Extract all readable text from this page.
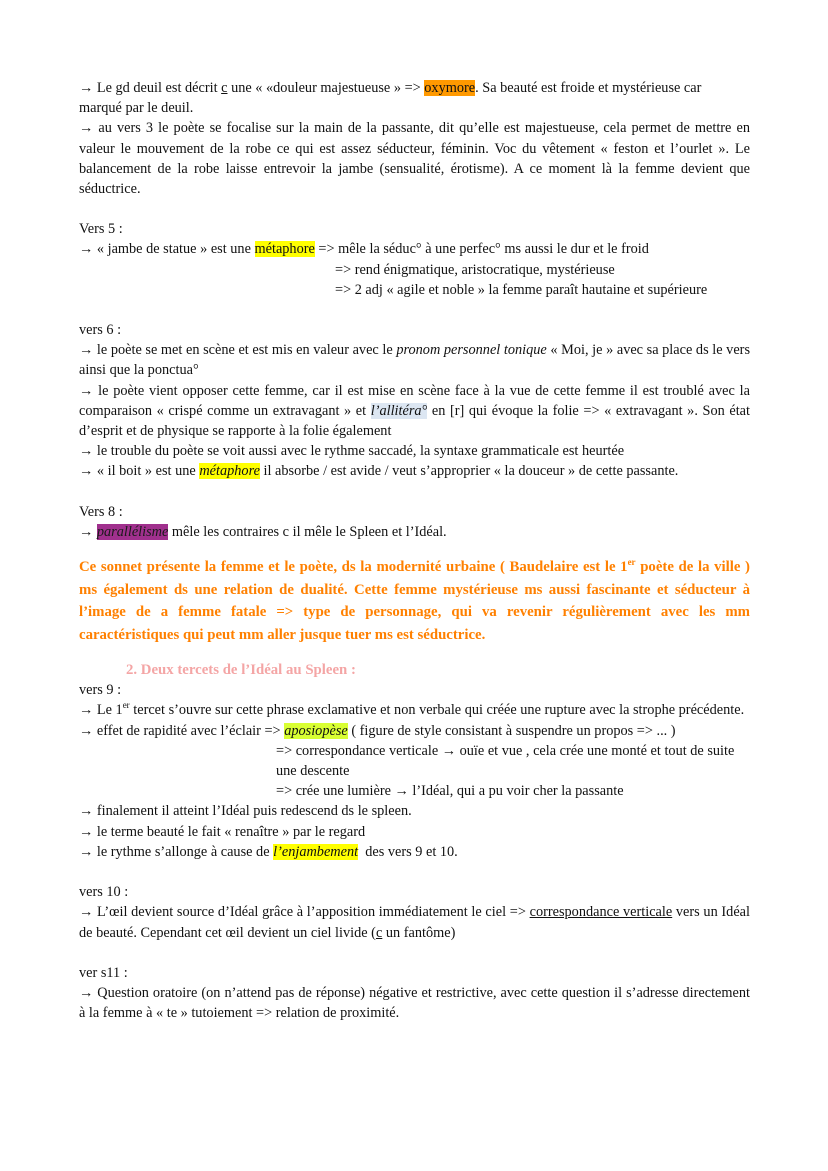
→ Le gd deuil est décrit c une « «douleur majestueuse » => oxymore. Sa beauté est froide et mystérieuse car

marqué par le deuil.

→ au vers 3 le poète se focalise sur la main de la passante, dit qu’elle est majestueuse, cela permet de mettre en valeur le mouvement de la robe ce qui est assez séducteur, féminin. Voc du vêtement « feston et l’ourlet ». Le balancement de la robe laisse entrevoir la jambe (sensualité, érotisme). A ce moment là la femme devient que séductrice.

Vers 5 :

→ « jambe de statue » est une métaphore => mêle la séduc° à une perfec° ms aussi le dur et le froid

=> rend énigmatique, aristocratique, mystérieuse

=> 2 adj « agile et noble » la femme paraît hautaine et supérieure

vers 6 :

→ le poète se met en scène et est mis en valeur avec le pronom personnel tonique « Moi, je » avec sa place ds le vers ainsi que la ponctua°

→ le poète vient opposer cette femme, car il est mise en scène face à la vue de cette femme il est troublé avec la comparaison « crispé comme un extravagant » et l’allitéra° en [r] qui évoque la folie => « extravagant ». Son état d’esprit et de physique se rapporte à la folie également

→ le trouble du poète se voit aussi avec le rythme saccadé, la syntaxe grammaticale est heurtée

→ « il boit » est une métaphore il absorbe / est avide / veut s’approprier « la douceur » de cette passante.

Vers 8 :

→ parallélisme mêle les contraires c il mêle le Spleen et l’Idéal.

Ce sonnet présente la femme et le poète, ds la modernité urbaine ( Baudelaire est le 1er poète de la ville ) ms également ds une relation de dualité. Cette femme mystérieuse ms aussi fascinante et séducteur à l’image de a femme fatale => type de personnage, qui va revenir régulièrement avec les mm caractéristiques qui peut mm aller jusque tuer ms est séductrice.

2. Deux tercets de l’Idéal au Spleen :

vers 9 :

→ Le 1er tercet s’ouvre sur cette phrase exclamative et non verbale qui créée une rupture avec la strophe précédente.

→ effet de rapidité avec l’éclair => aposiopèse ( figure de style consistant à suspendre un propos => ... )

=> correspondance verticale → ouïe et vue , cela crée une monté et tout de suite une descente

=> crée une lumière → l’Idéal, qui a pu voir cher la passante

→ finalement il atteint l’Idéal puis redescend ds le spleen.

→ le terme beauté le fait « renaître » par le regard

→ le rythme s’allonge à cause de l’enjambement  des vers 9 et 10.

vers 10 :

→ L’œil devient source d’Idéal grâce à l’apposition immédiatement le ciel => correspondance verticale vers un Idéal de beauté. Cependant cet œil devient un ciel livide (c un fantôme)

ver s11 :

→ Question oratoire (on n’attend pas de réponse) négative et restrictive, avec cette question il s’adresse directement à la femme à « te » tutoiement => relation de proximité.
